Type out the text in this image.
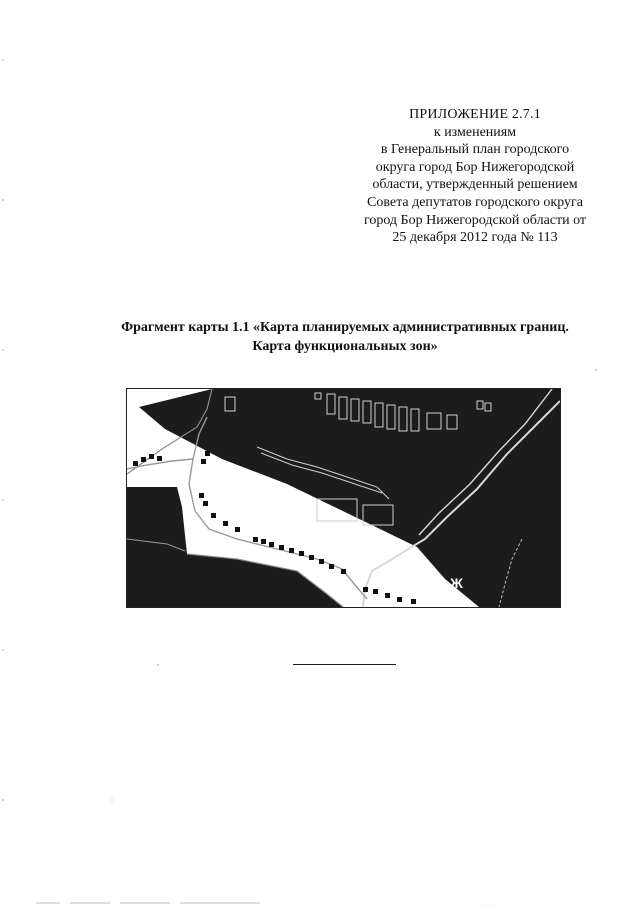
ПРИЛОЖЕНИЕ 2.7.1
к изменениям
в Генеральный план городского
округа город Бор Нижегородской
области, утвержденный решением
Совета депутатов городского округа
город Бор Нижегородской области от
25 декабря 2012 года № 113
Фрагмент карты 1.1 «Карта планируемых административных границ.
Карта функциональных зон»
СТН-Ж
